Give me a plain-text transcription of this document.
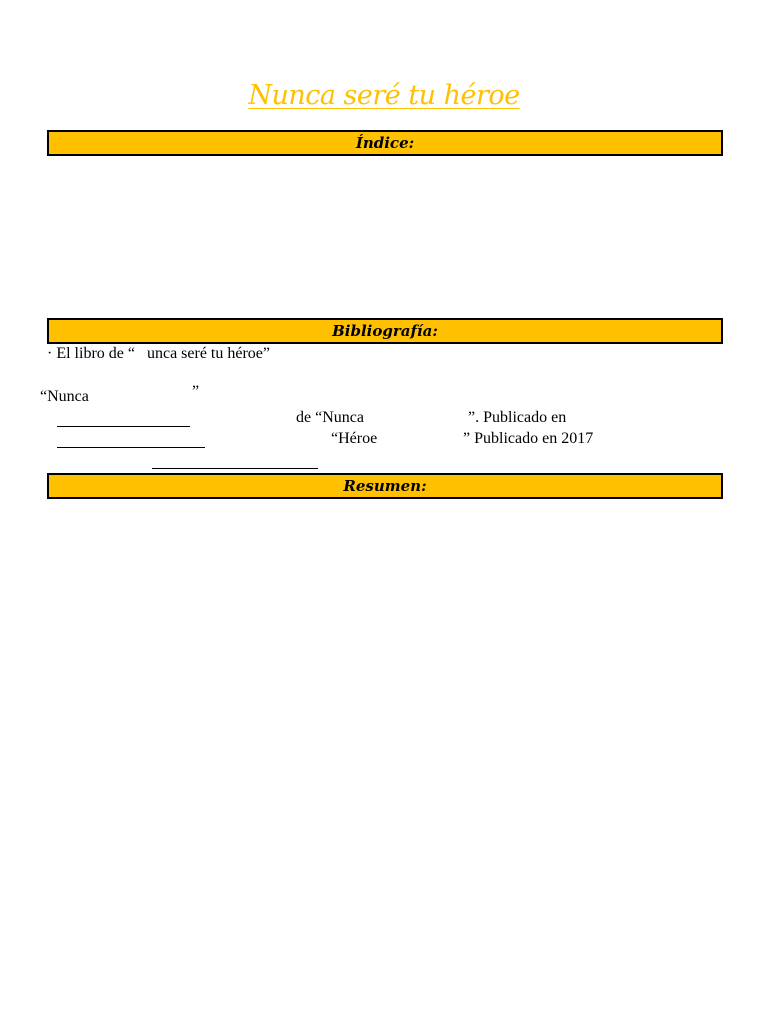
Nunca seré tu héroe
Índice:
Bibliografía:
· El libro de “   unca seré tu héroe”
“Nunca	”
de “Nunca	”. Publicado en
“Héroe	” Publicado en 2017
Resumen:
